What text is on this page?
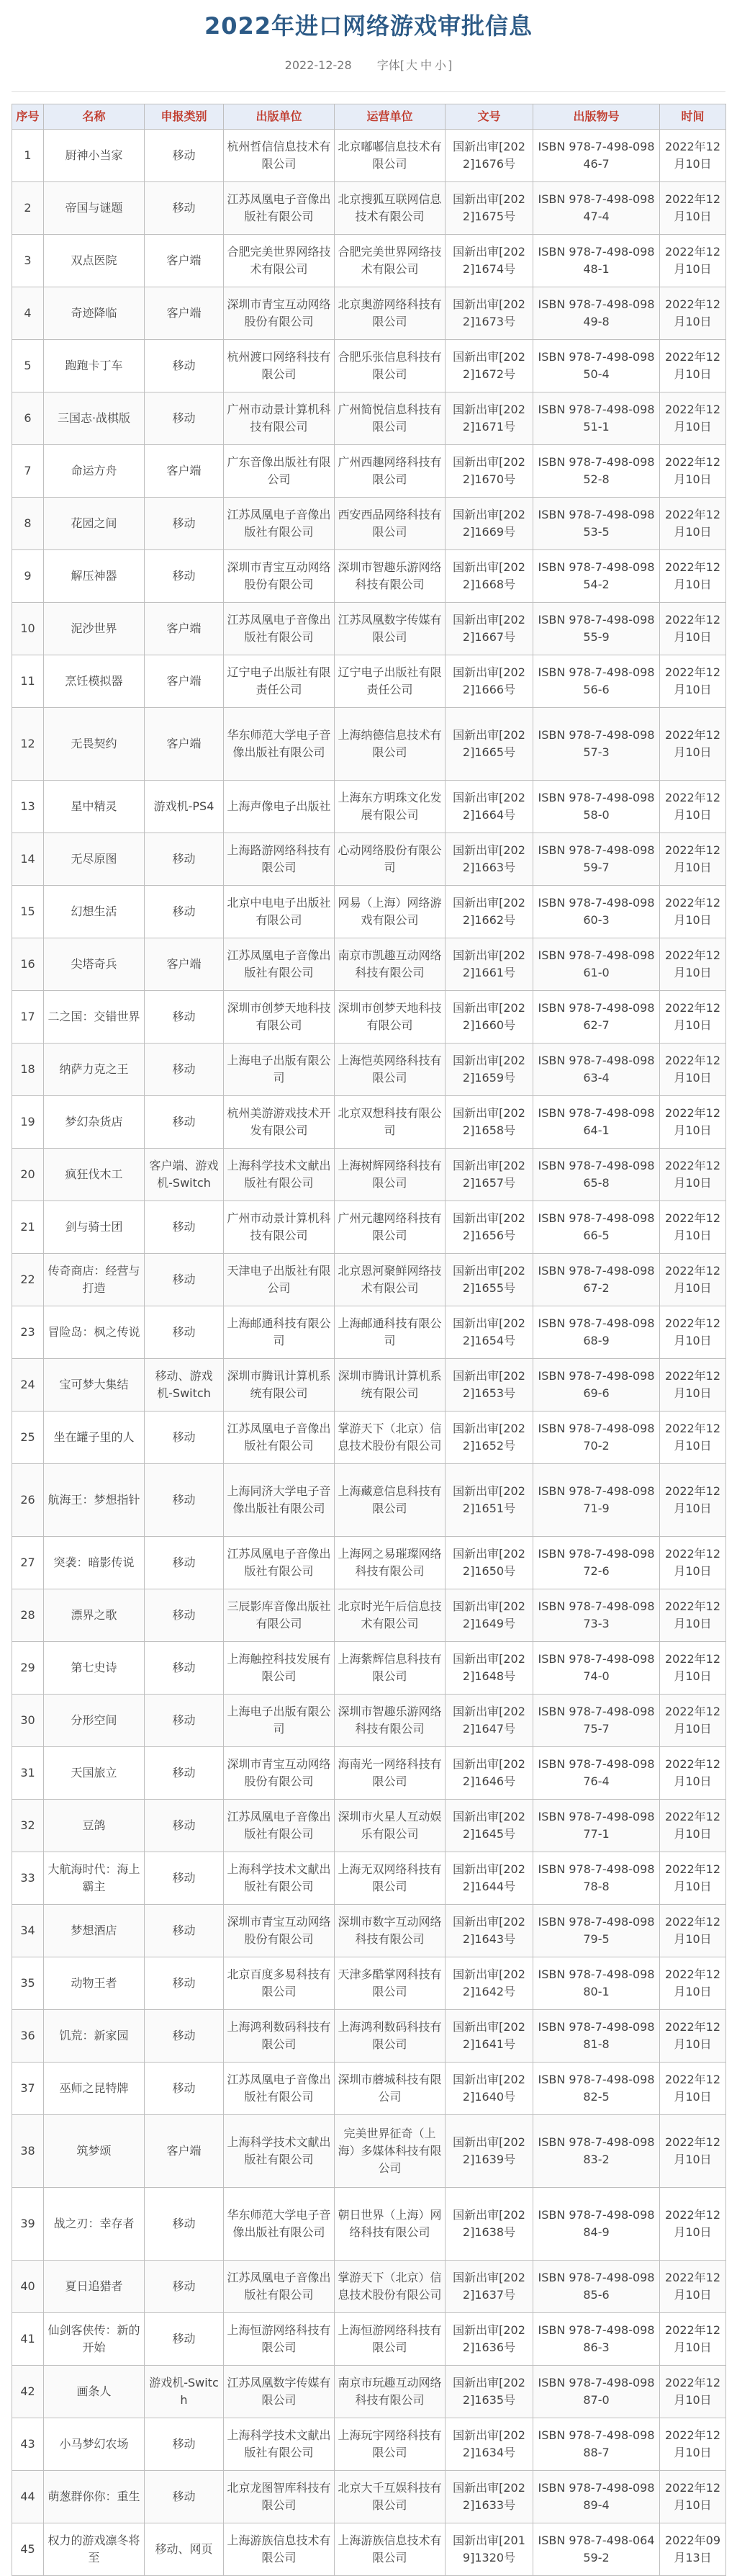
2022年进口网络游戏审批信息
2022-12-28 字体[ 大 中 小 ]
序号	名称	申报类别	出版单位	运营单位	文号	出版物号	时间
1	厨神小当家	移动	杭州哲信信息技术有限公司	北京嘟嘟信息技术有限公司	国新出审[2022]1676号	ISBN 978-7-498-09846-7	2022年12月10日
2	帝国与谜题	移动	江苏凤凰电子音像出版社有限公司	北京搜狐互联网信息技术有限公司	国新出审[2022]1675号	ISBN 978-7-498-09847-4	2022年12月10日
3	双点医院	客户端	合肥完美世界网络技术有限公司	合肥完美世界网络技术有限公司	国新出审[2022]1674号	ISBN 978-7-498-09848-1	2022年12月10日
4	奇迹降临	客户端	深圳市青宝互动网络股份有限公司	北京奥游网络科技有限公司	国新出审[2022]1673号	ISBN 978-7-498-09849-8	2022年12月10日
5	跑跑卡丁车	移动	杭州渡口网络科技有限公司	合肥乐张信息科技有限公司	国新出审[2022]1672号	ISBN 978-7-498-09850-4	2022年12月10日
6	三国志·战棋版	移动	广州市动景计算机科技有限公司	广州简悦信息科技有限公司	国新出审[2022]1671号	ISBN 978-7-498-09851-1	2022年12月10日
7	命运方舟	客户端	广东音像出版社有限公司	广州西趣网络科技有限公司	国新出审[2022]1670号	ISBN 978-7-498-09852-8	2022年12月10日
8	花园之间	移动	江苏凤凰电子音像出版社有限公司	西安西品网络科技有限公司	国新出审[2022]1669号	ISBN 978-7-498-09853-5	2022年12月10日
9	解压神器	移动	深圳市青宝互动网络股份有限公司	深圳市智趣乐游网络科技有限公司	国新出审[2022]1668号	ISBN 978-7-498-09854-2	2022年12月10日
10	泥沙世界	客户端	江苏凤凰电子音像出版社有限公司	江苏凤凰数字传媒有限公司	国新出审[2022]1667号	ISBN 978-7-498-09855-9	2022年12月10日
11	烹饪模拟器	客户端	辽宁电子出版社有限责任公司	辽宁电子出版社有限责任公司	国新出审[2022]1666号	ISBN 978-7-498-09856-6	2022年12月10日
12	无畏契约	客户端	华东师范大学电子音像出版社有限公司	上海纳德信息技术有限公司	国新出审[2022]1665号	ISBN 978-7-498-09857-3	2022年12月10日
13	星中精灵	游戏机-PS4	上海声像电子出版社	上海东方明珠文化发展有限公司	国新出审[2022]1664号	ISBN 978-7-498-09858-0	2022年12月10日
14	无尽原图	移动	上海路游网络科技有限公司	心动网络股份有限公司	国新出审[2022]1663号	ISBN 978-7-498-09859-7	2022年12月10日
15	幻想生活	移动	北京中电电子出版社有限公司	网易（上海）网络游戏有限公司	国新出审[2022]1662号	ISBN 978-7-498-09860-3	2022年12月10日
16	尖塔奇兵	客户端	江苏凤凰电子音像出版社有限公司	南京市凯趣互动网络科技有限公司	国新出审[2022]1661号	ISBN 978-7-498-09861-0	2022年12月10日
17	二之国：交错世界	移动	深圳市创梦天地科技有限公司	深圳市创梦天地科技有限公司	国新出审[2022]1660号	ISBN 978-7-498-09862-7	2022年12月10日
18	纳萨力克之王	移动	上海电子出版有限公司	上海恺英网络科技有限公司	国新出审[2022]1659号	ISBN 978-7-498-09863-4	2022年12月10日
19	梦幻杂货店	移动	杭州美游游戏技术开发有限公司	北京双想科技有限公司	国新出审[2022]1658号	ISBN 978-7-498-09864-1	2022年12月10日
20	疯狂伐木工	客户端、游戏机-Switch	上海科学技术文献出版社有限公司	上海树辉网络科技有限公司	国新出审[2022]1657号	ISBN 978-7-498-09865-8	2022年12月10日
21	剑与骑士团	移动	广州市动景计算机科技有限公司	广州元趣网络科技有限公司	国新出审[2022]1656号	ISBN 978-7-498-09866-5	2022年12月10日
22	传奇商店：经营与打造	移动	天津电子出版社有限公司	北京恩河聚鲜网络技术有限公司	国新出审[2022]1655号	ISBN 978-7-498-09867-2	2022年12月10日
23	冒险岛：枫之传说	移动	上海邮通科技有限公司	上海邮通科技有限公司	国新出审[2022]1654号	ISBN 978-7-498-09868-9	2022年12月10日
24	宝可梦大集结	移动、游戏机-Switch	深圳市腾讯计算机系统有限公司	深圳市腾讯计算机系统有限公司	国新出审[2022]1653号	ISBN 978-7-498-09869-6	2022年12月10日
25	坐在罐子里的人	移动	江苏凤凰电子音像出版社有限公司	掌游天下（北京）信息技术股份有限公司	国新出审[2022]1652号	ISBN 978-7-498-09870-2	2022年12月10日
26	航海王：梦想指针	移动	上海同济大学电子音像出版社有限公司	上海藏意信息科技有限公司	国新出审[2022]1651号	ISBN 978-7-498-09871-9	2022年12月10日
27	突袭：暗影传说	移动	江苏凤凰电子音像出版社有限公司	上海网之易璀璨网络科技有限公司	国新出审[2022]1650号	ISBN 978-7-498-09872-6	2022年12月10日
28	漂界之歌	移动	三辰影库音像出版社有限公司	北京时光午后信息技术有限公司	国新出审[2022]1649号	ISBN 978-7-498-09873-3	2022年12月10日
29	第七史诗	移动	上海触控科技发展有限公司	上海紫辉信息科技有限公司	国新出审[2022]1648号	ISBN 978-7-498-09874-0	2022年12月10日
30	分形空间	移动	上海电子出版有限公司	深圳市智趣乐游网络科技有限公司	国新出审[2022]1647号	ISBN 978-7-498-09875-7	2022年12月10日
31	天国旅立	移动	深圳市青宝互动网络股份有限公司	海南光一网络科技有限公司	国新出审[2022]1646号	ISBN 978-7-498-09876-4	2022年12月10日
32	豆鸽	移动	江苏凤凰电子音像出版社有限公司	深圳市火星人互动娱乐有限公司	国新出审[2022]1645号	ISBN 978-7-498-09877-1	2022年12月10日
33	大航海时代：海上霸主	移动	上海科学技术文献出版社有限公司	上海无双网络科技有限公司	国新出审[2022]1644号	ISBN 978-7-498-09878-8	2022年12月10日
34	梦想酒店	移动	深圳市青宝互动网络股份有限公司	深圳市数字互动网络科技有限公司	国新出审[2022]1643号	ISBN 978-7-498-09879-5	2022年12月10日
35	动物王者	移动	北京百度多易科技有限公司	天津多酷掌网科技有限公司	国新出审[2022]1642号	ISBN 978-7-498-09880-1	2022年12月10日
36	饥荒：新家园	移动	上海鸿利数码科技有限公司	上海鸿利数码科技有限公司	国新出审[2022]1641号	ISBN 978-7-498-09881-8	2022年12月10日
37	巫师之昆特牌	移动	江苏凤凰电子音像出版社有限公司	深圳市蘑城科技有限公司	国新出审[2022]1640号	ISBN 978-7-498-09882-5	2022年12月10日
38	筑梦颂	客户端	上海科学技术文献出版社有限公司	完美世界征奇（上海）多媒体科技有限公司	国新出审[2022]1639号	ISBN 978-7-498-09883-2	2022年12月10日
39	战之刃：幸存者	移动	华东师范大学电子音像出版社有限公司	朝日世界（上海）网络科技有限公司	国新出审[2022]1638号	ISBN 978-7-498-09884-9	2022年12月10日
40	夏日追猎者	移动	江苏凤凰电子音像出版社有限公司	掌游天下（北京）信息技术股份有限公司	国新出审[2022]1637号	ISBN 978-7-498-09885-6	2022年12月10日
41	仙剑客侠传：新的开始	移动	上海恒游网络科技有限公司	上海恒游网络科技有限公司	国新出审[2022]1636号	ISBN 978-7-498-09886-3	2022年12月10日
42	画条人	游戏机-Switch	江苏凤凰数字传媒有限公司	南京市玩趣互动网络科技有限公司	国新出审[2022]1635号	ISBN 978-7-498-09887-0	2022年12月10日
43	小马梦幻农场	移动	上海科学技术文献出版社有限公司	上海玩宇网络科技有限公司	国新出审[2022]1634号	ISBN 978-7-498-09888-7	2022年12月10日
44	萌葱群你你：重生	移动	北京龙图智库科技有限公司	北京大千互娱科技有限公司	国新出审[2022]1633号	ISBN 978-7-498-09889-4	2022年12月10日
45	权力的游戏凛冬将至	移动、网页	上海游族信息技术有限公司	上海游族信息技术有限公司	国新出审[2019]1320号	ISBN 978-7-498-06459-2	2022年09月13日
